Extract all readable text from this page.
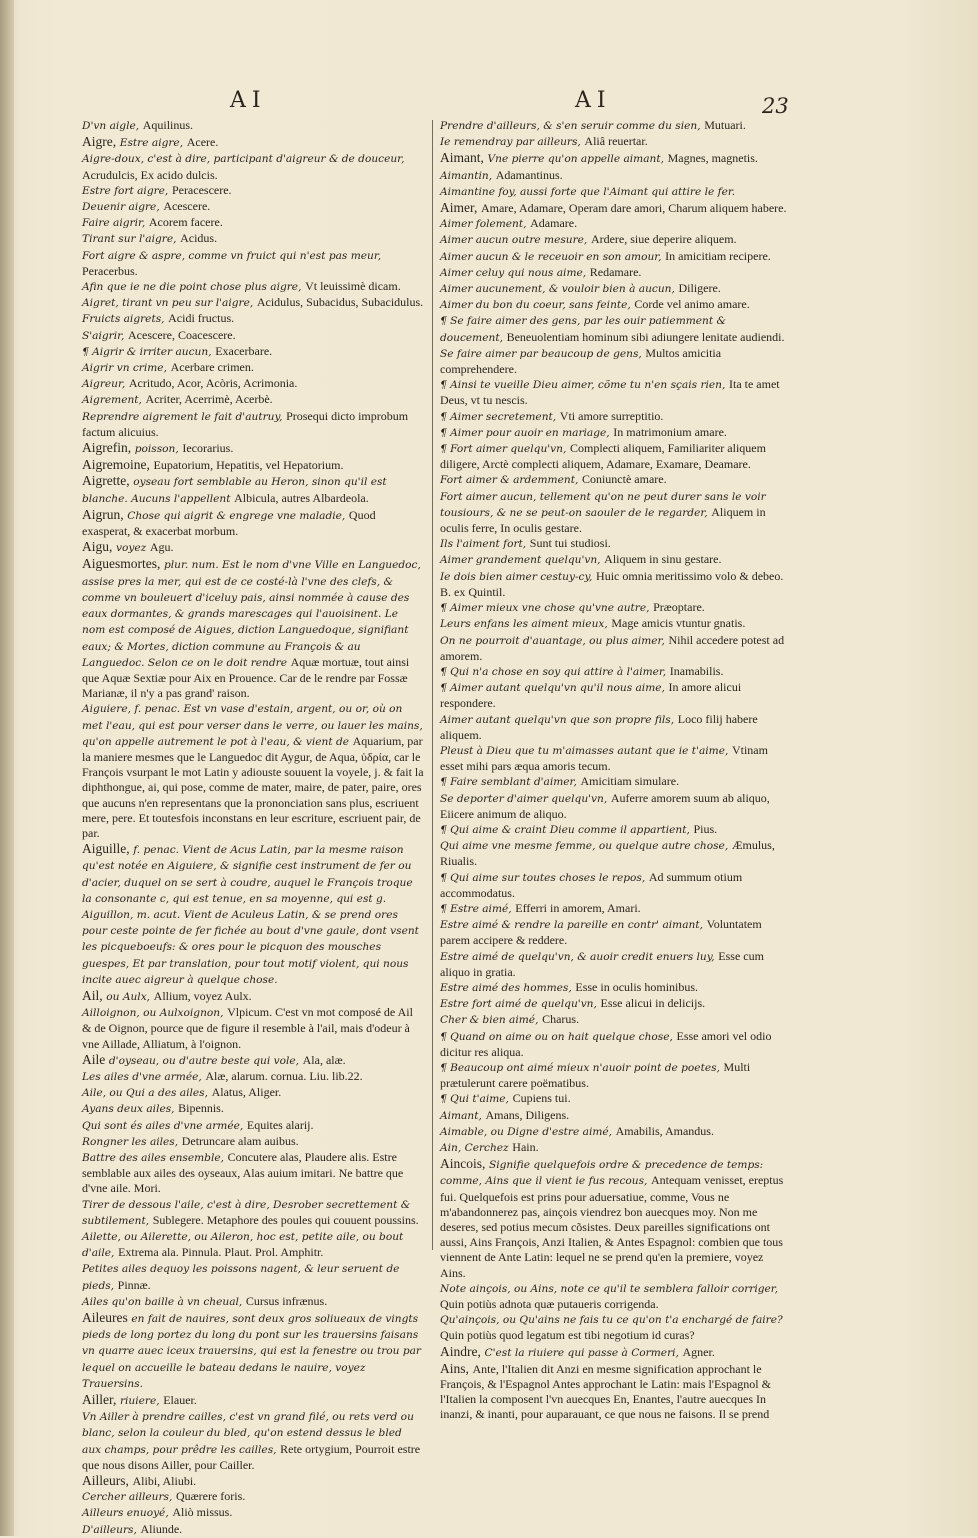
AI	AI	23

D'vn aigle, Aquilinus.

Aigre, Estre aigre, Acere.

Aigre-doux, c'est à dire, participant d'aigreur & de douceur, Acrudulcis, Ex acido dulcis.

Estre fort aigre, Peracescere.

Deuenir aigre, Acescere.

Faire aigrir, Acorem facere.

Tirant sur l'aigre, Acidus.

Fort aigre & aspre, comme vn fruict qui n'est pas meur, Peracerbus.

Afin que ie ne die point chose plus aigre, Vt leuissimè dicam.

Aigret, tirant vn peu sur l'aigre, Acidulus, Subacidus, Subacidulus.

Fruicts aigrets, Acidi fructus.

S'aigrir, Acescere, Coacescere.

¶ Aigrir & irriter aucun, Exacerbare.

Aigrir vn crime, Acerbare crimen.

Aigreur, Acritudo, Acor, Acòris, Acrimonia.

Aigrement, Acriter, Acerrimè, Acerbè.

Reprendre aigrement le fait d'autruy, Prosequi dicto improbum factum alicuius.

Aigrefin, poisson, Iecorarius.

Aigremoine, Eupatorium, Hepatitis, vel Hepatorium.

Aigrette, oyseau fort semblable au Heron, sinon qu'il est blanche. Aucuns l'appellent Albicula, autres Albardeola.

Aigrun, Chose qui aigrit & engrege vne maladie, Quod exasperat, & exacerbat morbum.

Aigu, voyez Agu.

Aiguesmortes, plur. num. Est le nom d'vne Ville en Languedoc, assise pres la mer, qui est de ce costé-là l'vne des clefs, & comme vn bouleuert d'iceluy pais, ainsi nommée à cause des eaux dormantes, & grands marescages qui l'auoisinent. Le nom est composé de Aigues, diction Languedoque, signifiant eaux; & Mortes, diction commune au François & au Languedoc. Selon ce on le doit rendre Aquæ mortuæ, tout ainsi que Aquæ Sextiæ pour Aix en Prouence. Car de le rendre par Fossæ Marianæ, il n'y a pas grand' raison.

Aiguiere, f. penac. Est vn vase d'estain, argent, ou or, où on met l'eau, qui est pour verser dans le verre, ou lauer les mains, qu'on appelle autrement le pot à l'eau, & vient de Aquarium, par la maniere mesmes que le Languedoc dit Aygur, de Aqua, ὑδρία, car le François vsurpant le mot Latin y adiouste souuent la voyele, j. & fait la diphthongue, ai, qui pose, comme de mater, maire, de pater, paire, ores que aucuns n'en representans que la prononciation sans plus, escriuent mere, pere. Et toutesfois inconstans en leur escriture, escriuent pair, de par.

Aiguille, f. penac. Vient de Acus Latin, par la mesme raison qu'est notée en Aiguiere, & signifie cest instrument de fer ou d'acier, duquel on se sert à coudre, auquel le François troque la consonante c, qui est tenue, en sa moyenne, qui est g.

Aiguillon, m. acut. Vient de Aculeus Latin, & se prend ores pour ceste pointe de fer fichée au bout d'vne gaule, dont vsent les picqueboeufs: & ores pour le picquon des mousches guespes, Et par translation, pour tout motif violent, qui nous incite auec aigreur à quelque chose.

Ail, ou Aulx, Allium, voyez Aulx.

Ailloignon, ou Aulxoignon, Vlpicum. C'est vn mot composé de Ail & de Oignon, pource que de figure il resemble à l'ail, mais d'odeur à vne Aillade, Alliatum, à l'oignon.

Aile d'oyseau, ou d'autre beste qui vole, Ala, alæ.

Les ailes d'vne armée, Alæ, alarum. cornua. Liu. lib.22.

Aile, ou Qui a des ailes, Alatus, Aliger.

Ayans deux ailes, Bipennis.

Qui sont és ailes d'vne armée, Equites alarij.

Rongner les ailes, Detruncare alam auibus.

Battre des ailes ensemble, Concutere alas, Plaudere alis. Estre semblable aux ailes des oyseaux, Alas auium imitari. Ne battre que d'vne aile. Mori.

Tirer de dessous l'aile, c'est à dire, Desrober secrettement & subtilement, Sublegere. Metaphore des poules qui couuent poussins.

Ailette, ou Ailerette, ou Aileron, hoc est, petite aile, ou bout d'aile, Extrema ala. Pinnula. Plaut. Prol. Amphitr.

Petites ailes dequoy les poissons nagent, & leur seruent de pieds, Pinnæ.

Ailes qu'on baille à vn cheual, Cursus infrænus.

Aileures en fait de nauires, sont deux gros soliueaux de vingts pieds de long portez du long du pont sur les trauersins faisans vn quarre auec iceux trauersins, qui est la fenestre ou trou par lequel on accueille le bateau dedans le nauire, voyez Trauersins.

Ailler, riuiere, Elauer.

Vn Ailler à prendre cailles, c'est vn grand filé, ou rets verd ou blanc, selon la couleur du bled, qu'on estend dessus le bled aux champs, pour prêdre les cailles, Rete ortygium, Pourroit estre que nous disons Ailler, pour Cailler.

Ailleurs, Alibi, Aliubi.

Cercher ailleurs, Quærere foris.

Ailleurs enuoyé, Aliò missus.

D'ailleurs, Aliunde.

Prendre d'ailleurs, & s'en seruir comme du sien, Mutuari.

Ie remendray par ailleurs, Aliâ reuertar.

Aimant, Vne pierre qu'on appelle aimant, Magnes, magnetis.

Aimantin, Adamantinus.

Aimantine foy, aussi forte que l'Aimant qui attire le fer.

Aimer, Amare, Adamare, Operam dare amori, Charum aliquem habere.

Aimer folement, Adamare.

Aimer aucun outre mesure, Ardere, siue deperire aliquem.

Aimer aucun & le receuoir en son amour, In amicitiam recipere.

Aimer celuy qui nous aime, Redamare.

Aimer aucunement, & vouloir bien à aucun, Diligere.

Aimer du bon du coeur, sans feinte, Corde vel animo amare.

¶ Se faire aimer des gens, par les ouir patiemment & doucement, Beneuolentiam hominum sibi adiungere lenitate audiendi.

Se faire aimer par beaucoup de gens, Multos amicitia comprehendere.

¶ Ainsi te vueille Dieu aimer, cõme tu n'en sçais rien, Ita te amet Deus, vt tu nescis.

¶ Aimer secretement, Vti amore surreptitio.

¶ Aimer pour auoir en mariage, In matrimonium amare.

¶ Fort aimer quelqu'vn, Complecti aliquem, Familiariter aliquem diligere, Arctè complecti aliquem, Adamare, Examare, Deamare.

Fort aimer & ardemment, Coniunctè amare.

Fort aimer aucun, tellement qu'on ne peut durer sans le voir tousiours, & ne se peut-on saouler de le regarder, Aliquem in oculis ferre, In oculis gestare.

Ils l'aiment fort, Sunt tui studiosi.

Aimer grandement quelqu'vn, Aliquem in sinu gestare.

Ie dois bien aimer cestuy-cy, Huic omnia meritissimo volo & debeo. B. ex Quintil.

¶ Aimer mieux vne chose qu'vne autre, Præoptare.

Leurs enfans les aiment mieux, Mage amicis vtuntur gnatis.

On ne pourroit d'auantage, ou plus aimer, Nihil accedere potest ad amorem.

¶ Qui n'a chose en soy qui attire à l'aimer, Inamabilis.

¶ Aimer autant quelqu'vn qu'il nous aime, In amore alicui respondere.

Aimer autant quelqu'vn que son propre fils, Loco filij habere aliquem.

Pleust à Dieu que tu m'aimasses autant que ie t'aime, Vtinam esset mihi pars æqua amoris tecum.

¶ Faire semblant d'aimer, Amicitiam simulare.

Se deporter d'aimer quelqu'vn, Auferre amorem suum ab aliquo, Eiicere animum de aliquo.

¶ Qui aime & craint Dieu comme il appartient, Pius.

Qui aime vne mesme femme, ou quelque autre chose, Æmulus, Riualis.

¶ Qui aime sur toutes choses le repos, Ad summum otium accommodatus.

¶ Estre aimé, Efferri in amorem, Amari.

Estre aimé & rendre la pareille en contr' aimant, Voluntatem parem accipere & reddere.

Estre aimé de quelqu'vn, & auoir credit enuers luy, Esse cum aliquo in gratia.

Estre aimé des hommes, Esse in oculis hominibus.

Estre fort aimé de quelqu'vn, Esse alicui in delicijs.

Cher & bien aimé, Charus.

¶ Quand on aime ou on hait quelque chose, Esse amori vel odio dicitur res aliqua.

¶ Beaucoup ont aimé mieux n'auoir point de poetes, Multi prætulerunt carere poëmatibus.

¶ Qui t'aime, Cupiens tui.

Aimant, Amans, Diligens.

Aimable, ou Digne d'estre aimé, Amabilis, Amandus.

Ain, Cerchez Hain.

Aincois, Signifie quelquefois ordre & precedence de temps: comme, Ains que il vient ie fus recous, Antequam venisset, ereptus fui. Quelquefois est prins pour aduersatiue, comme, Vous ne m'abandonnerez pas, ainçois viendrez bon auecques moy. Non me deseres, sed potius mecum cõsistes. Deux pareilles significations ont aussi, Ains François, Anzi Italien, & Antes Espagnol: combien que tous viennent de Ante Latin: lequel ne se prend qu'en la premiere, voyez Ains.

Note ainçois, ou Ains, note ce qu'il te semblera falloir corriger, Quin potiùs adnota quæ putaueris corrigenda.

Qu'ainçois, ou Qu'ains ne fais tu ce qu'on t'a enchargé de faire? Quin potiùs quod legatum est tibi negotium id curas?

Aindre, C'est la riuiere qui passe à Cormeri, Agner.

Ains, Ante, l'Italien dit Anzi en mesme signification approchant le François, & l'Espagnol Antes approchant le Latin: mais l'Espagnol & l'Italien la composent l'vn auecques En, Enantes, l'autre auecques In inanzi, & inanti, pour auparauant, ce que nous ne faisons. Il se prend
